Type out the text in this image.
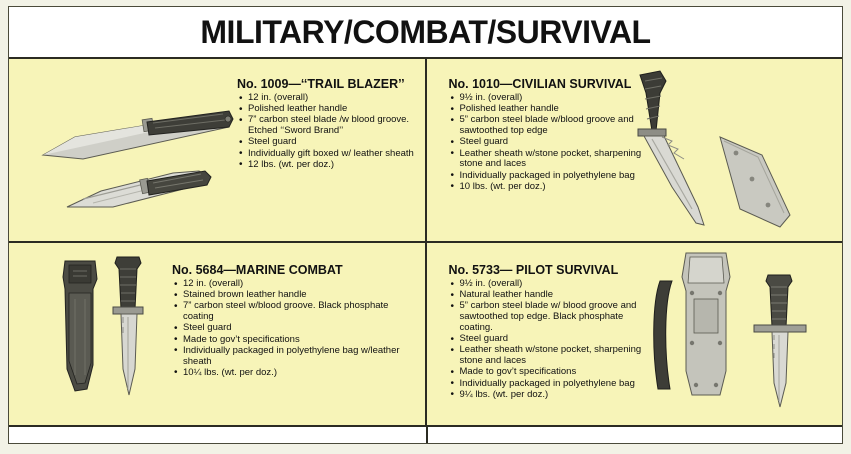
MILITARY/COMBAT/SURVIVAL
No. 1009—‘‘TRAIL BLAZER’’
• 12 in. (overall)
• Polished leather handle
• 7” carbon steel blade /w blood groove. Etched ‘‘Sword Brand’’
• Steel guard
• Individually gift boxed w/ leather sheath
• 12 lbs. (wt. per doz.)
No. 1010—CIVILIAN SURVIVAL
• 9½ in. (overall)
• Polished leather handle
• 5” carbon steel blade w/blood groove and sawtoothed top edge
• Steel guard
• Leather sheath w/stone pocket, sharpening stone and laces
• Individually packaged in polyethylene bag
• 10 lbs. (wt. per doz.)
No. 5684—MARINE COMBAT
• 12 in. (overall)
• Stained brown leather handle
• 7” carbon steel w/blood groove. Black phosphate coating
• Steel guard
• Made to gov’t specifications
• Individually packaged in polyethylene bag w/leather sheath
• 10¼ lbs. (wt. per doz.)
No. 5733— PILOT SURVIVAL
• 9½ in. (overall)
• Natural leather handle
• 5” carbon steel blade w/ blood groove and sawtoothed top edge. Black phosphate coating.
• Steel guard
• Leather sheath w/stone pocket, sharpening stone and laces
• Made to gov’t specifications
• Individually packaged in polyethylene bag
• 9¼ lbs. (wt. per doz.)
